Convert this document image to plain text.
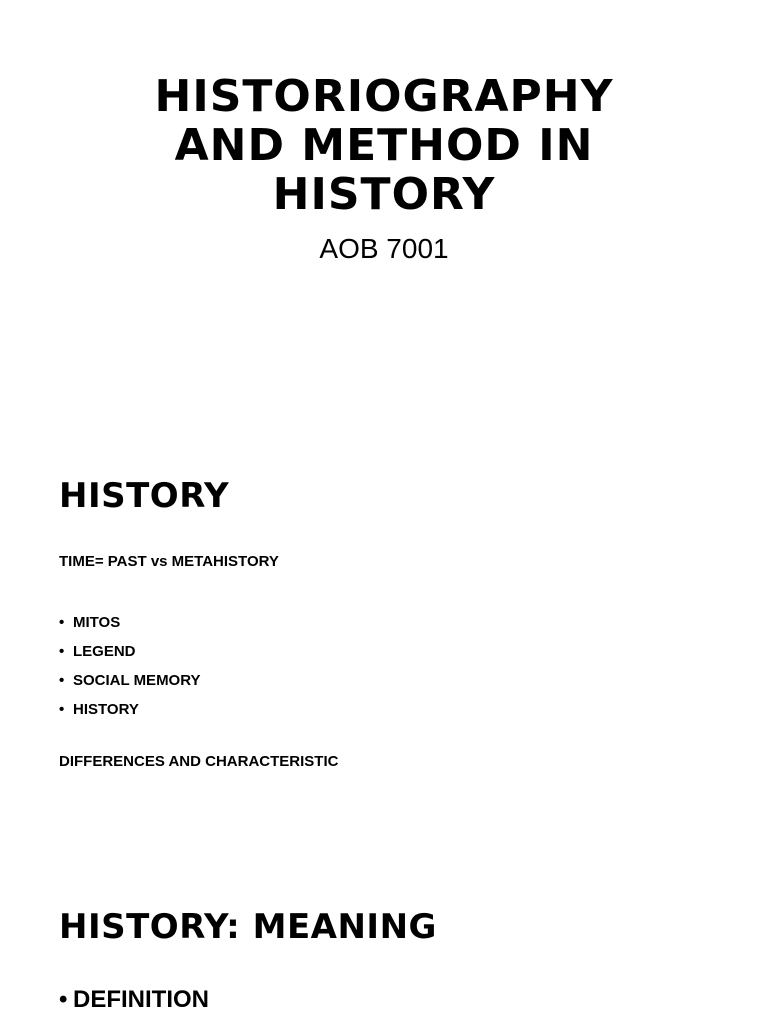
HISTORIOGRAPHY
AND METHOD IN
HISTORY

AOB 7001

HISTORY

TIME= PAST vs METAHISTORY

• MITOS
• LEGEND
• SOCIAL MEMORY
• HISTORY

DIFFERENCES AND CHARACTERISTIC

HISTORY: MEANING

• DEFINITION
